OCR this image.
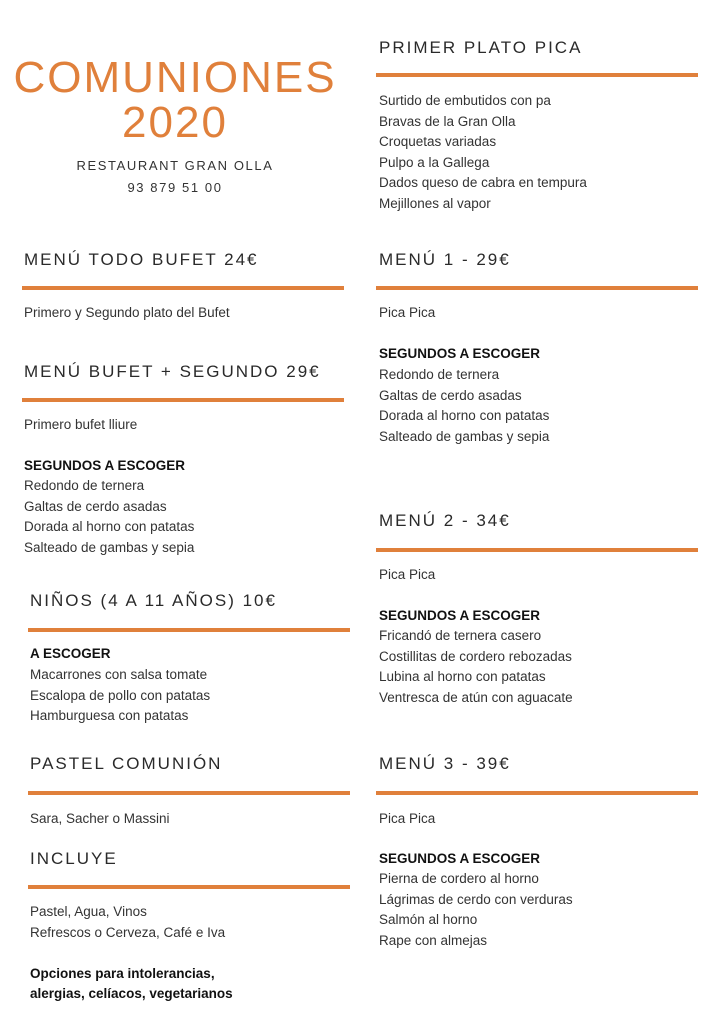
COMUNIONES
2020
RESTAURANT GRAN OLLA
93 879 51 00
PRIMER PLATO PICA
Surtido de embutidos con pa
Bravas de la Gran Olla
Croquetas variadas
Pulpo a la Gallega
Dados queso de cabra en tempura
Mejillones al vapor
MENÚ TODO BUFET 24€
Primero y Segundo plato del Bufet
MENÚ BUFET + SEGUNDO 29€
Primero bufet lliure
SEGUNDOS A ESCOGER
Redondo de ternera
Galtas de cerdo asadas
Dorada al horno con patatas
Salteado de gambas y sepia
NIÑOS (4 A 11 AÑOS) 10€
A ESCOGER
Macarrones con salsa tomate
Escalopa de pollo con patatas
Hamburguesa con patatas
PASTEL COMUNIÓN
Sara, Sacher o Massini
INCLUYE
Pastel, Agua, Vinos
Refrescos o Cerveza, Café e Iva
Opciones para intolerancias,
alergias, celíacos, vegetarianos
MENÚ 1 - 29€
Pica Pica
SEGUNDOS A ESCOGER
Redondo de ternera
Galtas de cerdo asadas
Dorada al horno con patatas
Salteado de gambas y sepia
MENÚ 2 - 34€
Pica Pica
SEGUNDOS A ESCOGER
Fricandó de ternera casero
Costillitas de cordero rebozadas
Lubina al horno con patatas
Ventresca de atún con aguacate
MENÚ 3 - 39€
Pica Pica
SEGUNDOS A ESCOGER
Pierna de cordero al horno
Lágrimas de cerdo con verduras
Salmón al horno
Rape con almejas
